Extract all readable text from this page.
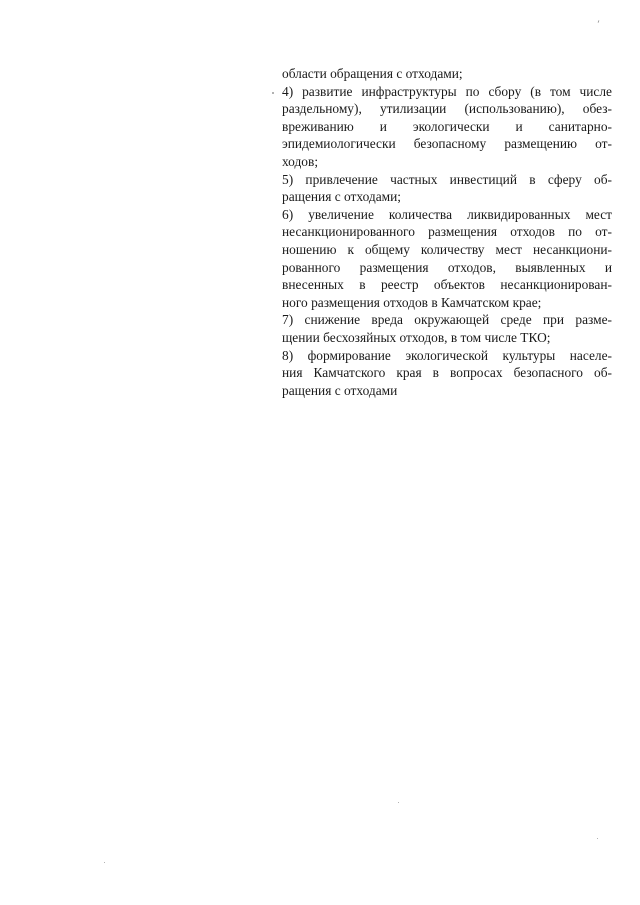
области обращения с отходами;
4) развитие инфраструктуры по сбору (в том числе
раздельному), утилизации (использованию), обез-
вреживанию и экологически и санитарно-
эпидемиологически безопасному размещению от-
ходов;
5) привлечение частных инвестиций в сферу об-
ращения с отходами;
6) увеличение количества ликвидированных мест
несанкционированного размещения отходов по от-
ношению к общему количеству мест несанкциони-
рованного размещения отходов, выявленных и
внесенных в реестр объектов несанкционирован-
ного размещения отходов в Камчатском крае;
7) снижение вреда окружающей среде при разме-
щении бесхозяйных отходов, в том числе ТКО;
8) формирование экологической культуры населе-
ния Камчатского края в вопросах безопасного об-
ращения с отходами
